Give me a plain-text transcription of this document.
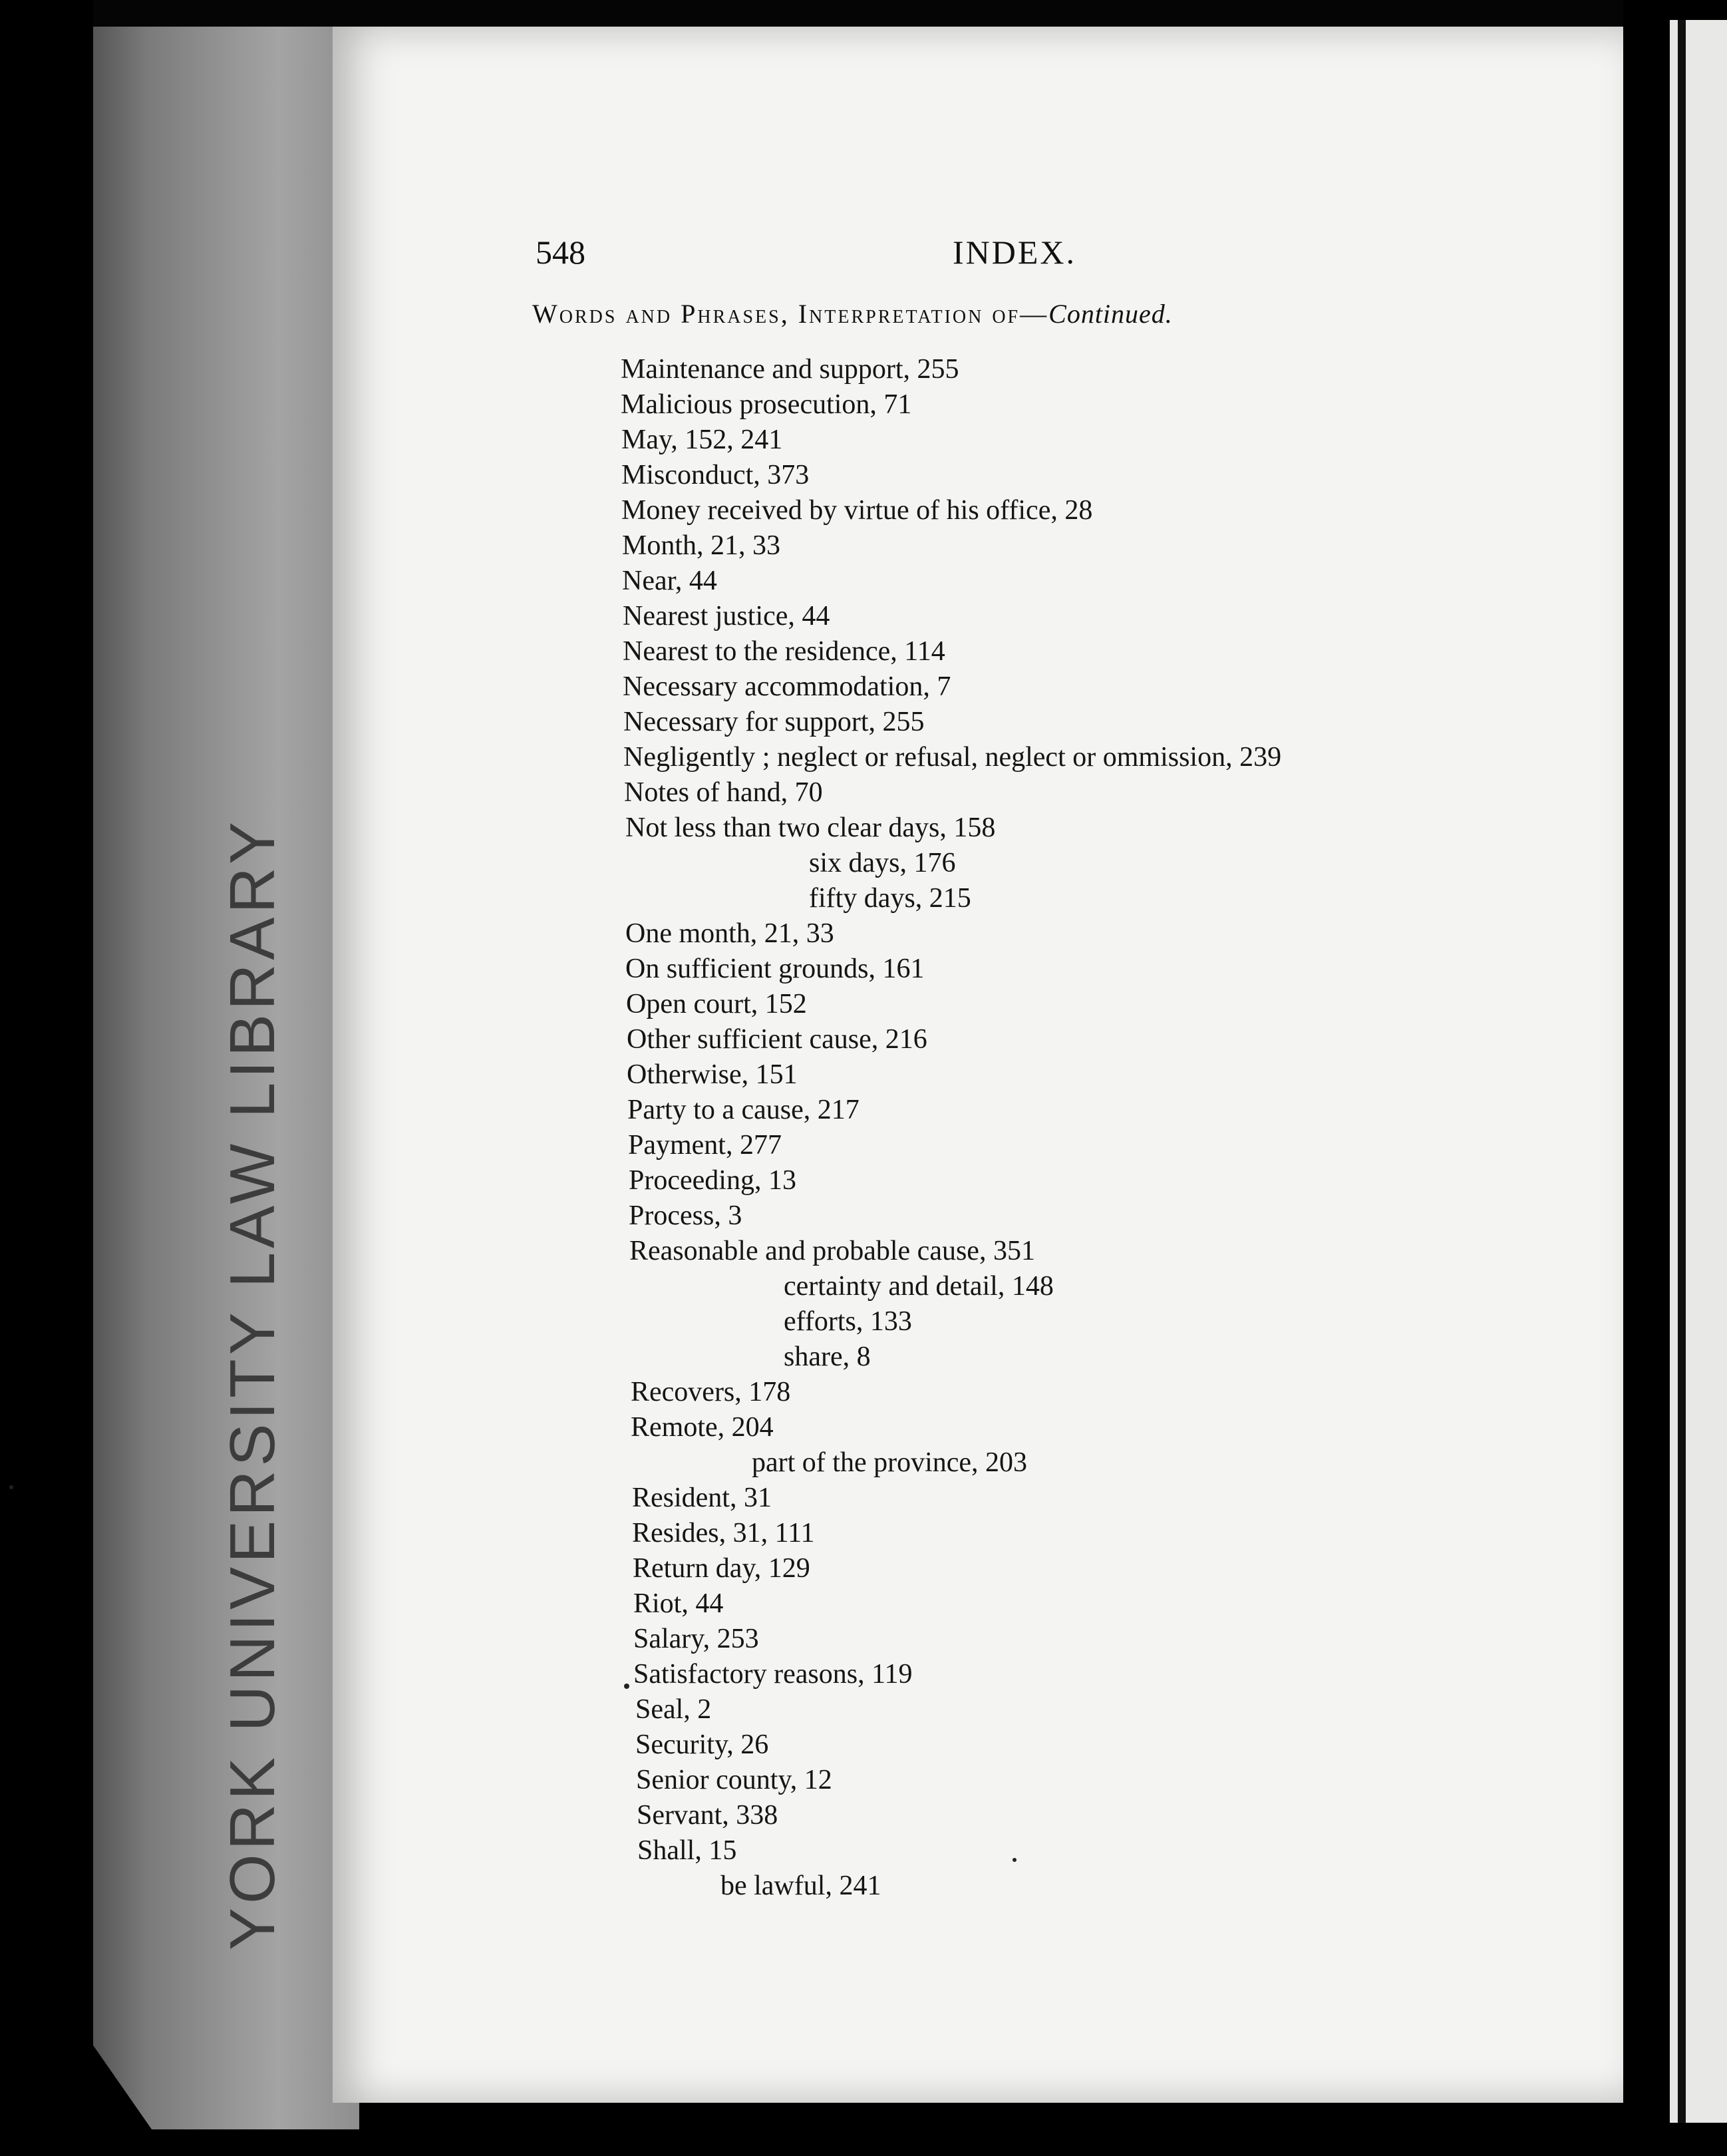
YORK UNIVERSITY LAW LIBRARY
548	INDEX.
Words and Phrases, Interpretation of—Continued.
Maintenance and support, 255
Malicious prosecution, 71
May, 152, 241
Misconduct, 373
Money received by virtue of his office, 28
Month, 21, 33
Near, 44
Nearest justice, 44
Nearest to the residence, 114
Necessary accommodation, 7
Necessary for support, 255
Negligently ; neglect or refusal, neglect or ommission, 239
Notes of hand, 70
Not less than two clear days, 158
six days, 176
fifty days, 215
One month, 21, 33
On sufficient grounds, 161
Open court, 152
Other sufficient cause, 216
Otherwise, 151
Party to a cause, 217
Payment, 277
Proceeding, 13
Process, 3
Reasonable and probable cause, 351
certainty and detail, 148
efforts, 133
share, 8
Recovers, 178
Remote, 204
part of the province, 203
Resident, 31
Resides, 31, 111
Return day, 129
Riot, 44
Salary, 253
Satisfactory reasons, 119
Seal, 2
Security, 26
Senior county, 12
Servant, 338
Shall, 15
be lawful, 241
